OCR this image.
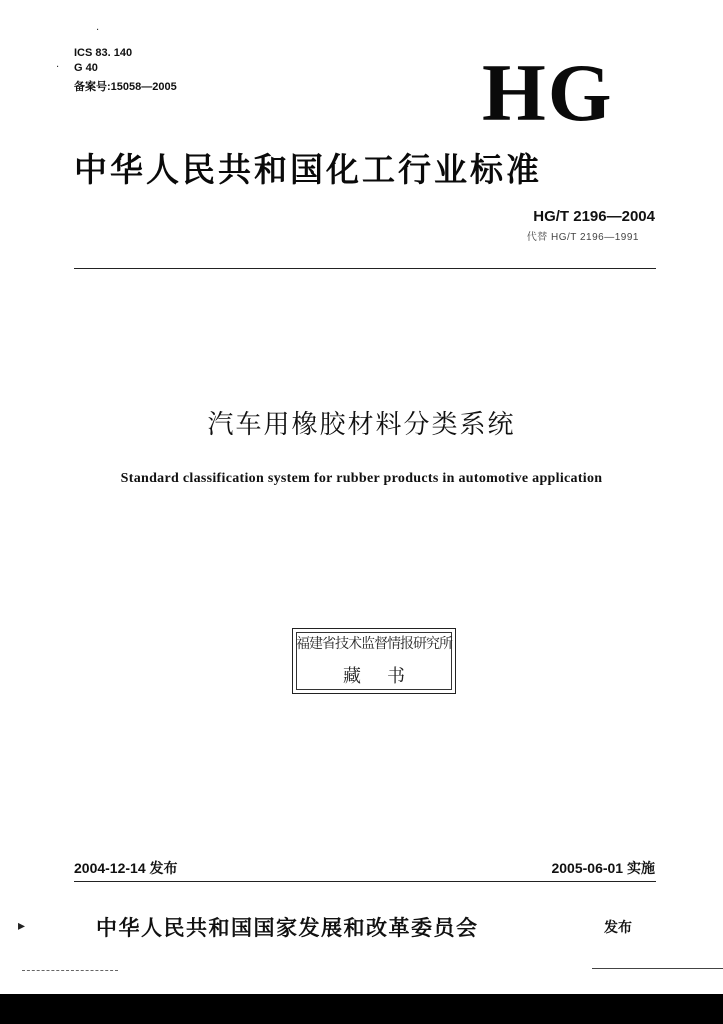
·
·
ICS 83. 140
G 40
备案号:15058—2005	HG
中华人民共和国化工行业标准
HG/T 2196—2004
代替 HG/T 2196—1991
汽车用橡胶材料分类系统
Standard classification system for rubber products in automotive application
福建省技术监督情报研究所
藏书
2004-12-14 发布	2005-06-01 实施
▸	中华人民共和国国家发展和改革委员会	发布
